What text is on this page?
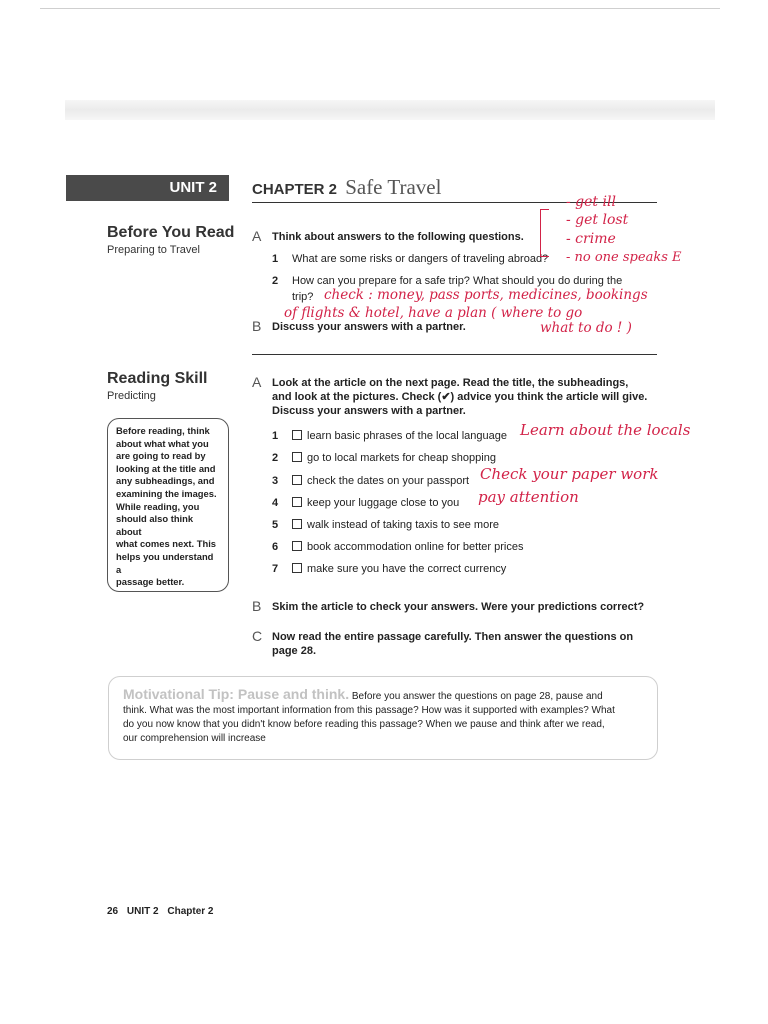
UNIT 2	CHAPTER 2 Safe Travel
Before You Read
Preparing to Travel
A Think about answers to the following questions.
1 What are some risks or dangers of traveling abroad?
2 How can you prepare for a safe trip? What should you do during the
trip?
B Discuss your answers with a partner.
- get ill
- get lost
- crime
- no one speaks E
check : money, pass ports, medicines, bookings
of flights & hotel, have a plan ( where to go
what to do ! )
Reading Skill
Predicting
Before reading, think
about what what you
are going to read by
looking at the title and
any subheadings, and
examining the images.
While reading, you
should also think about
what comes next. This
helps you understand a
passage better.
A Look at the article on the next page. Read the title, the subheadings,
and look at the pictures. Check (✔) advice you think the article will give.
Discuss your answers with a partner.
1	learn basic phrases of the local language
2	go to local markets for cheap shopping
3	check the dates on your passport
4	keep your luggage close to you
5	walk instead of taking taxis to see more
6	book accommodation online for better prices
7	make sure you have the correct currency
Learn about the locals
Check your paper work
pay attention
B Skim the article to check your answers. Were your predictions correct?
C Now read the entire passage carefully. Then answer the questions on
page 28.
Motivational Tip: Pause and think. Before you answer the questions on page 28, pause and
think. What was the most important information from this passage? How was it supported with examples? What
do you now know that you didn't know before reading this passage? When we pause and think after we read,
our comprehension will increase
26 UNIT 2 Chapter 2
